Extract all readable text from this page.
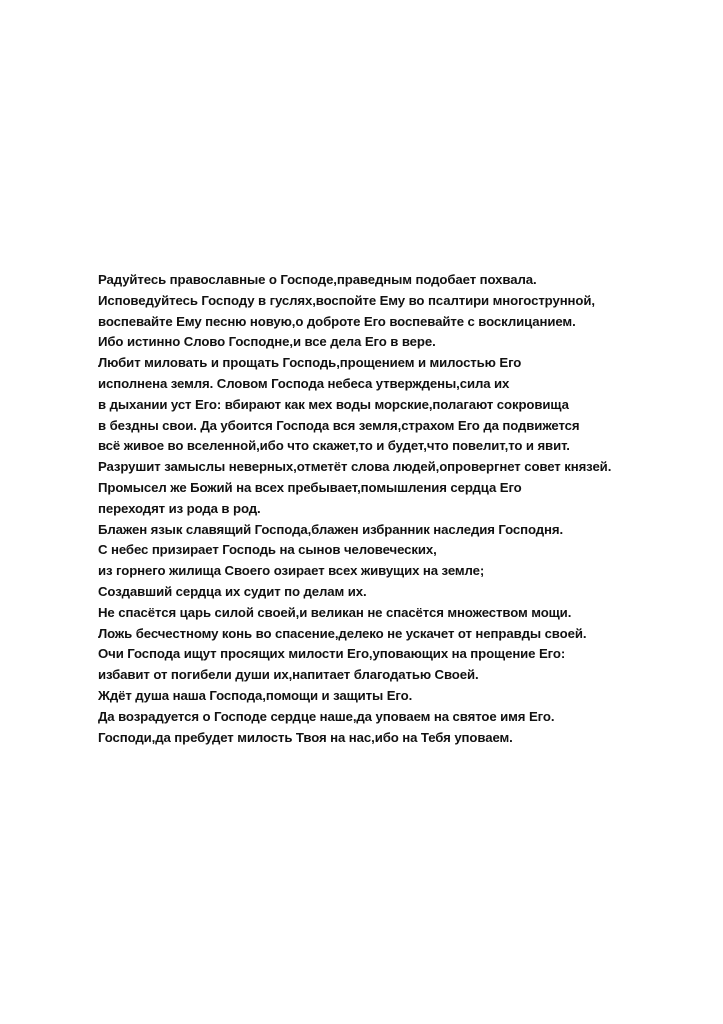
Радуйтесь православные о Господе,праведным подобает похвала.
Исповедуйтесь Господу в гуслях,воспойте Ему во псалтири многострунной,
воспевайте Ему песню новую,о доброте Его воспевайте с восклицанием.
Ибо истинно Слово Господне,и все дела Его в вере.
Любит миловать и прощать Господь,прощением и милостью Его
исполнена земля. Словом Господа небеса утверждены,сила их
в дыхании уст Его: вбирают как мех воды морские,полагают сокровища
в бездны свои. Да убоится Господа вся земля,страхом Его да подвижется
всё живое во вселенной,ибо что скажет,то и будет,что повелит,то и явит.
Разрушит замыслы неверных,отметёт слова людей,опровергнет совет князей.
Промысел же Божий на всех пребывает,помышления сердца Его
переходят из рода в род.
Блажен язык славящий Господа,блажен избранник наследия Господня.
С небес призирает Господь на сынов человеческих,
из горнего жилища Своего озирает всех живущих на земле;
Создавший сердца их судит по делам их.
Не спасётся царь силой своей,и великан не спасётся множеством мощи.
Ложь бесчестному конь во спасение,делеко не ускачет от неправды своей.
Очи Господа ищут просящих милости Его,уповающих на прощение Его:
избавит от погибели души их,напитает благодатью Своей.
Ждёт душа наша Господа,помощи и защиты Его.
Да возрадуется о Господе сердце наше,да уповаем на святое имя Его.
Господи,да пребудет милость Твоя на нас,ибо на Тебя уповаем.
